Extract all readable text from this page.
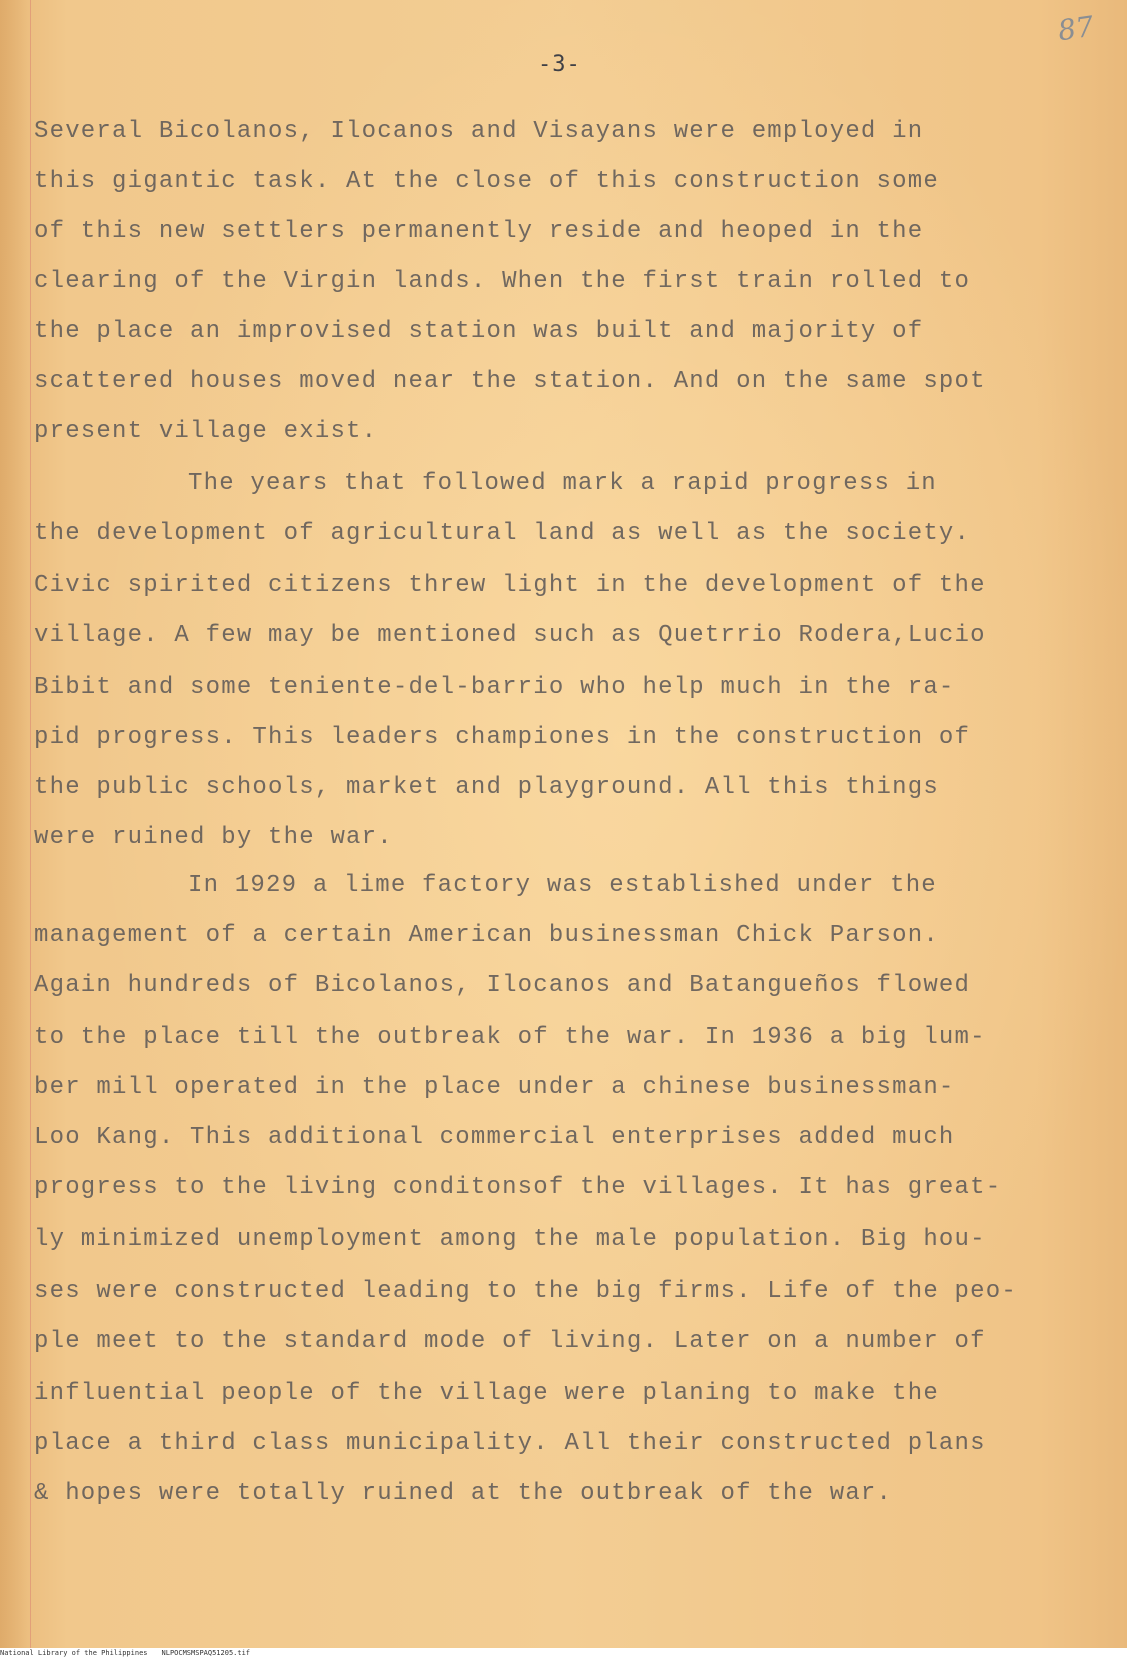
87
-3-

Several Bicolanos, Ilocanos and Visayans were employed in

this gigantic task. At the close of this construction some

of this new settlers permanently reside and heoped in the

clearing of the Virgin lands. When the first train rolled to

the place an improvised station was built and majority of

scattered houses moved near the station. And on the same spot

present village exist.

The years that followed mark a rapid progress in

the development of agricultural land as well as the society.

Civic spirited citizens threw light in the development of the

village. A few may be mentioned such as Quetrrio Rodera,Lucio

Bibit and some teniente-del-barrio who help much in the ra-

pid progress. This leaders championes in the construction of

the public schools, market and playground. All this things

were ruined by the war.

In 1929 a lime factory was established under the

management of a certain American businessman Chick Parson.

Again hundreds of Bicolanos, Ilocanos and Batangueños flowed

to the place till the outbreak of the war. In 1936 a big lum-

ber mill operated in the place under a chinese businessman-

Loo Kang. This additional commercial enterprises added much

progress to the living conditonsof the villages. It has great-

ly minimized unemployment among the male population. Big hou-

ses were constructed leading to the big firms. Life of the peo-

ple meet to the standard mode of living. Later on a number of

influential people of the village were planing to make the

place a third class municipality. All their constructed plans

& hopes were totally ruined at the outbreak of the war.

National Library of the Philippines NLPOCMSMSPAQ51205.tif
